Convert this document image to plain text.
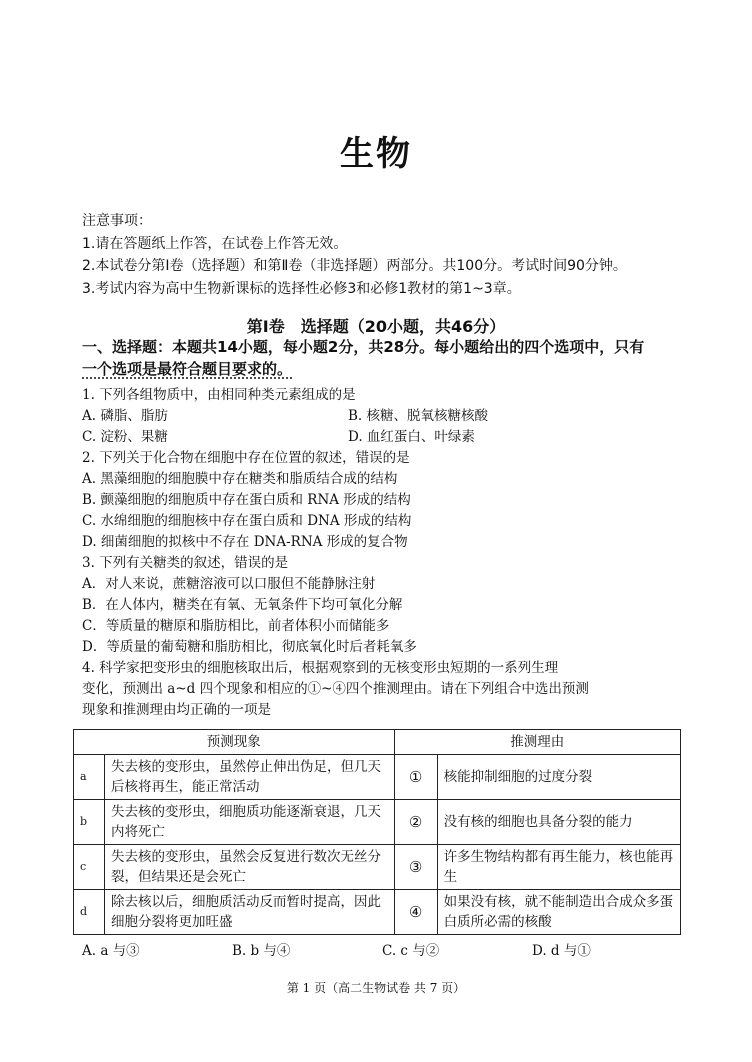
生物
注意事项：
1.请在答题纸上作答，在试卷上作答无效。
2.本试卷分第Ⅰ卷（选择题）和第Ⅱ卷（非选择题）两部分。共100分。考试时间90分钟。
3.考试内容为高中生物新课标的选择性必修3和必修1教材的第1~3章。
第Ⅰ卷　选择题（20小题，共46分）
一、选择题：本题共14小题，每小题2分，共28分。每小题给出的四个选项中，只有
一个选项是最符合题目要求的。
1. 下列各组物质中，由相同种类元素组成的是
A. 磷脂、脂肪	B. 核糖、脱氧核糖核酸
C. 淀粉、果糖	D. 血红蛋白、叶绿素
2. 下列关于化合物在细胞中存在位置的叙述，错误的是
A. 黑藻细胞的细胞膜中存在糖类和脂质结合成的结构
B. 颤藻细胞的细胞质中存在蛋白质和 RNA 形成的结构
C. 水绵细胞的细胞核中存在蛋白质和 DNA 形成的结构
D. 细菌细胞的拟核中不存在 DNA-RNA 形成的复合物
3. 下列有关糖类的叙述，错误的是
A．对人来说，蔗糖溶液可以口服但不能静脉注射
B．在人体内，糖类在有氧、无氧条件下均可氧化分解
C．等质量的糖原和脂肪相比，前者体积小而储能多
D．等质量的葡萄糖和脂肪相比，彻底氧化时后者耗氧多
4. 科学家把变形虫的细胞核取出后，根据观察到的无核变形虫短期的一系列生理
变化，预测出 a~d 四个现象和相应的①~④四个推测理由。请在下列组合中选出预测
现象和推测理由均正确的一项是
预测现象		推测理由	
a	失去核的变形虫，虽然停止伸出伪足，但几天后核将再生，能正常活动	①	核能抑制细胞的过度分裂
b	失去核的变形虫，细胞质功能逐渐衰退，几天内将死亡	②	没有核的细胞也具备分裂的能力
c	失去核的变形虫，虽然会反复进行数次无丝分裂，但结果还是会死亡	③	许多生物结构都有再生能力，核也能再生
d	除去核以后，细胞质活动反而暂时提高，因此细胞分裂将更加旺盛	④	如果没有核，就不能制造出合成众多蛋白质所必需的核酸
A. a 与③	B. b 与④	C. c 与②	D. d 与①
第 1 页（高二生物试卷 共 7 页）
